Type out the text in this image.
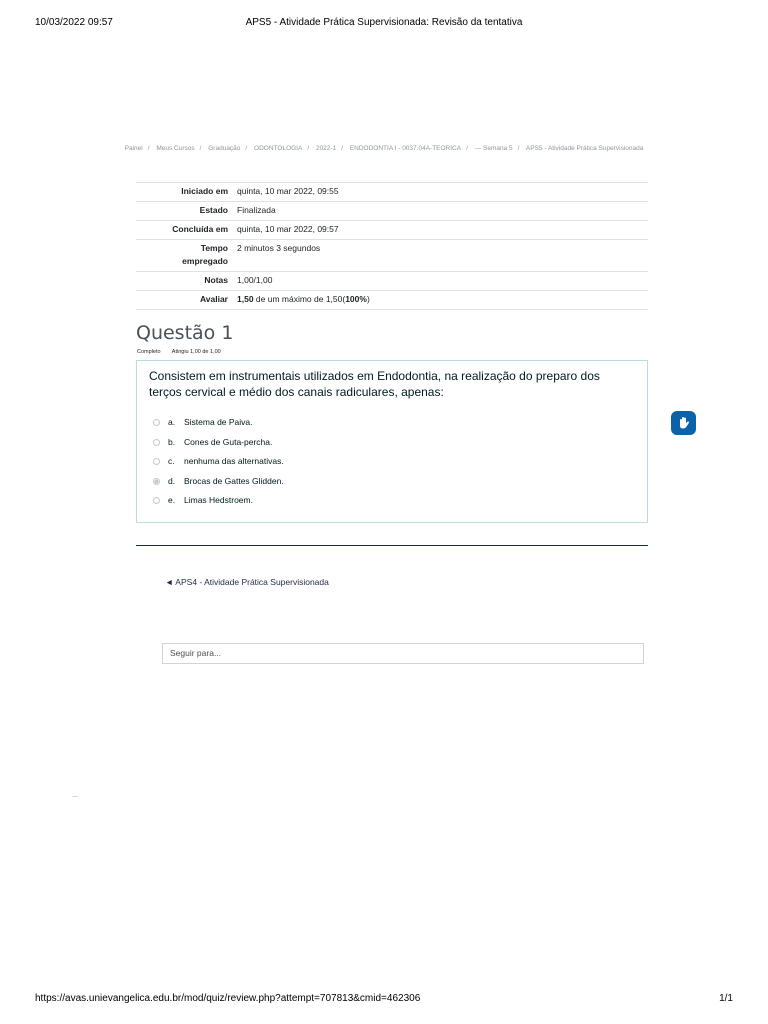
10/03/2022 09:57	APS5 - Atividade Prática Supervisionada: Revisão da tentativa
Painel / Meus Cursos / Graduação / ODONTOLOGIA / 2022-1 / ENDODONTIA I - 0037.04A-TEORICA / --- Semana 5 / APS5 - Atividade Prática Supervisionada
Iniciado em	quinta, 10 mar 2022, 09:55
Estado	Finalizada
Concluída em	quinta, 10 mar 2022, 09:57
Tempo
empregado	2 minutos 3 segundos
Notas	1,00/1,00
Avaliar	1,50 de um máximo de 1,50(100%)
Questão 1
Completo Atingiu 1,00 de 1,00
Consistem em instrumentais utilizados em Endodontia, na realização do preparo dos terços cervical e médio dos canais radiculares, apenas:
a. Sistema de Paiva.
b. Cones de Guta-percha.
c. nenhuma das alternativas.
d. Brocas de Gattes Glidden.
e. Limas Hedstroem.
◄ APS4 - Atividade Prática Supervisionada
Seguir para...
...
https://avas.unievangelica.edu.br/mod/quiz/review.php?attempt=707813&cmid=462306	1/1
